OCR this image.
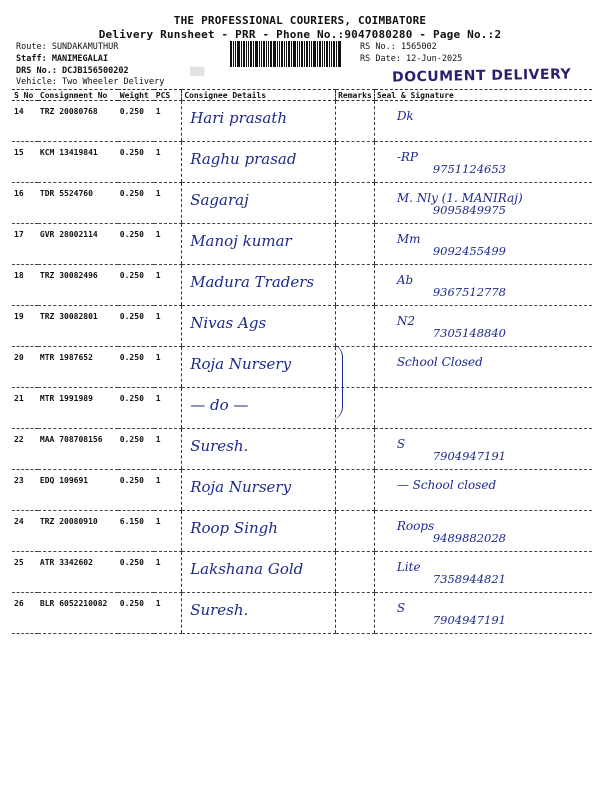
THE PROFESSIONAL COURIERS, COIMBATORE
Delivery Runsheet - PRR - Phone No.:9047080280 - Page No.:2
Route: SUNDAKAMUTHUR
Staff: MANIMEGALAI
DRS No.: DCJB156500202
Vehicle: Two Wheeler Delivery
RS No.: 1565002
RS Date: 12-Jun-2025
▒▒▒	DOCUMENT DELIVERY
S No	Consignment No	Weight	PCS	Consignee Details	Remarks	Seal & Signature
14	TRZ 20080768	0.250	1	Hari prasath		Dk

15	KCM 13419841	0.250	1	Raghu prasad		-RP
9751124653

16	TDR 5524760	0.250	1	Sagaraj		M. Nly (1. MANIRaj)
9095849975

17	GVR 28002114	0.250	1	Manoj kumar		Mm
9092455499

18	TRZ 30082496	0.250	1	Madura Traders		Ab
9367512778

19	TRZ 30082801	0.250	1	Nivas Ags		N2
7305148840

20	MTR 1987652	0.250	1	Roja Nursery		School Closed

21	MTR 1991989	0.250	1	— do —		

22	MAA 708708156	0.250	1	Suresh.		S
7904947191

23	EDQ 109691	0.250	1	Roja Nursery		— School closed

24	TRZ 20080910	6.150	1	Roop Singh		Roops
9489882028

25	ATR 3342602	0.250	1	Lakshana Gold		Lite
7358944821

26	BLR 6052210082	0.250	1	Suresh.		S
7904947191
